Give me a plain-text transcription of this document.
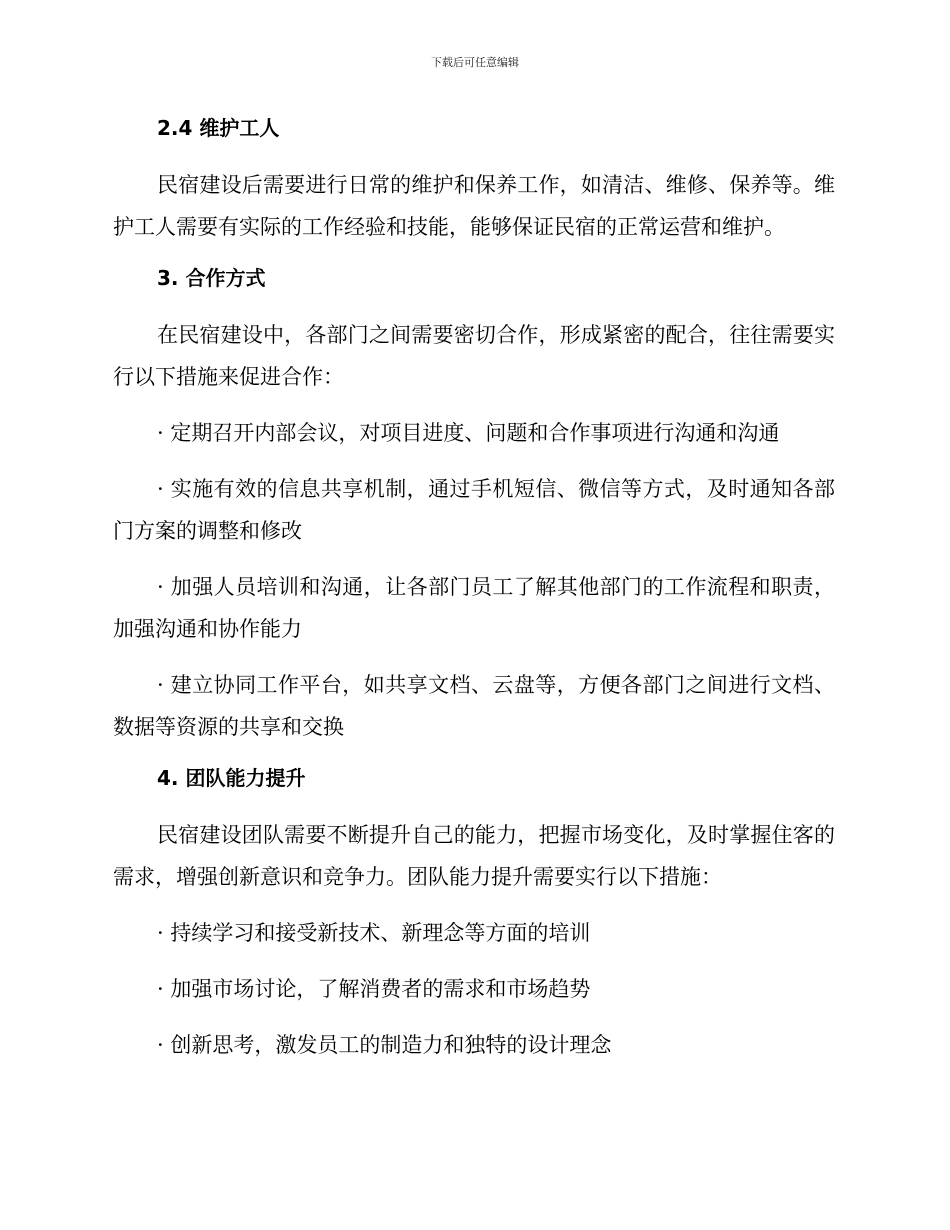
下载后可任意编辑
2.4 维护工人

民宿建设后需要进行日常的维护和保养工作，如清洁、维修、保养等。维护工人需要有实际的工作经验和技能，能够保证民宿的正常运营和维护。

3. 合作方式

在民宿建设中，各部门之间需要密切合作，形成紧密的配合，往往需要实行以下措施来促进合作：

· 定期召开内部会议，对项目进度、问题和合作事项进行沟通和沟通

· 实施有效的信息共享机制，通过手机短信、微信等方式，及时通知各部门方案的调整和修改

· 加强人员培训和沟通，让各部门员工了解其他部门的工作流程和职责，加强沟通和协作能力

· 建立协同工作平台，如共享文档、云盘等，方便各部门之间进行文档、数据等资源的共享和交换

4. 团队能力提升

民宿建设团队需要不断提升自己的能力，把握市场变化，及时掌握住客的需求，增强创新意识和竞争力。团队能力提升需要实行以下措施：

· 持续学习和接受新技术、新理念等方面的培训

· 加强市场讨论，了解消费者的需求和市场趋势

· 创新思考，激发员工的制造力和独特的设计理念
